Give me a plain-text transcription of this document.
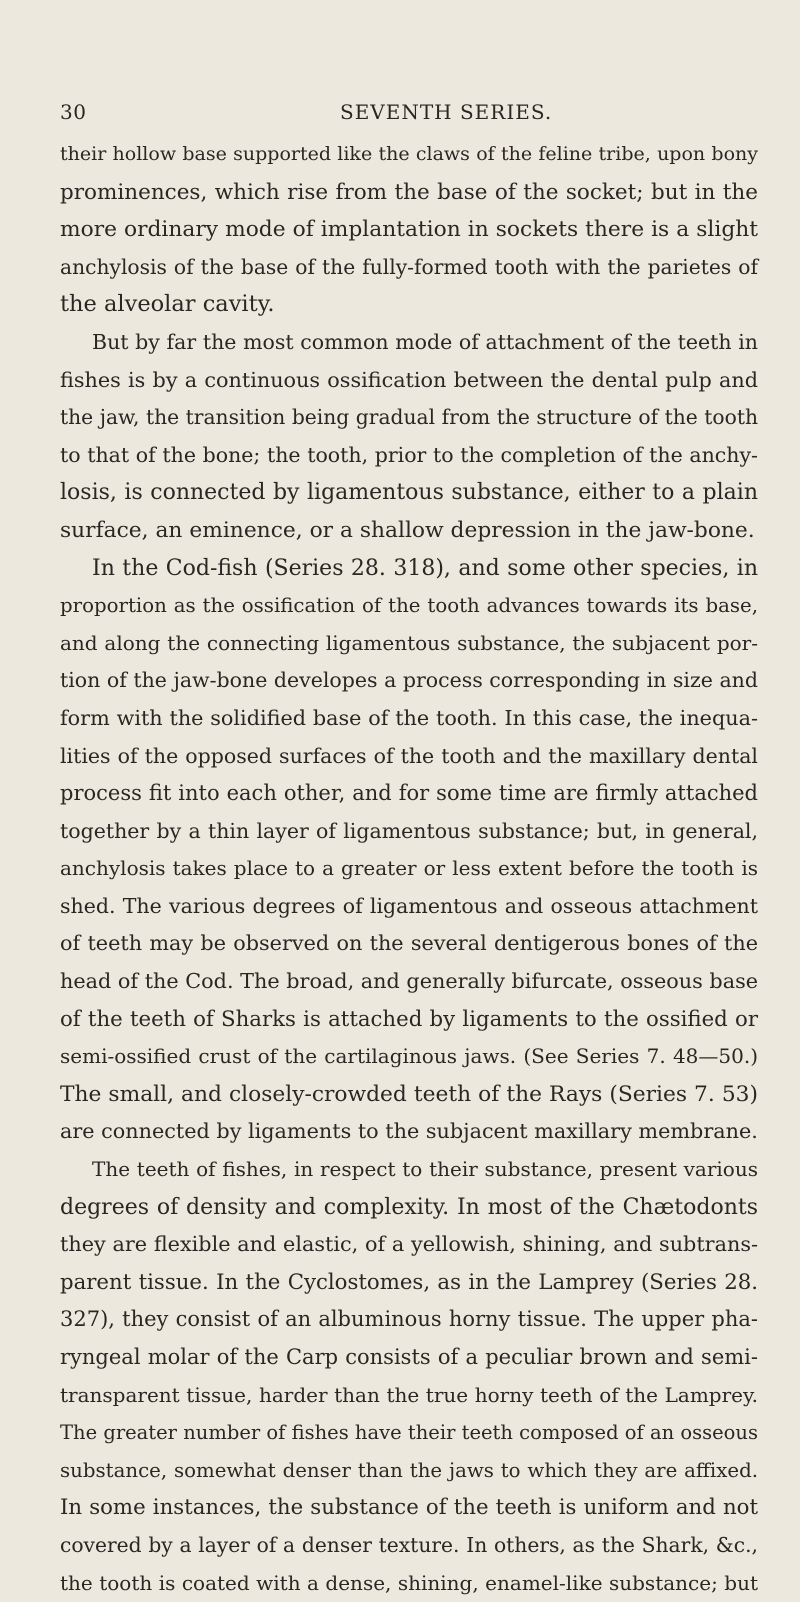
30	SEVENTH SERIES.
their hollow base supported like the claws of the feline tribe, upon bony
prominences, which rise from the base of the socket; but in the
more ordinary mode of implantation in sockets there is a slight
anchylosis of the base of the fully-formed tooth with the parietes of
the alveolar cavity.
But by far the most common mode of attachment of the teeth in
fishes is by a continuous ossification between the dental pulp and
the jaw, the transition being gradual from the structure of the tooth
to that of the bone; the tooth, prior to the completion of the anchy-
losis, is connected by ligamentous substance, either to a plain
surface, an eminence, or a shallow depression in the jaw-bone.
In the Cod-fish (Series 28. 318), and some other species, in
proportion as the ossification of the tooth advances towards its base,
and along the connecting ligamentous substance, the subjacent por-
tion of the jaw-bone developes a process corresponding in size and
form with the solidified base of the tooth. In this case, the inequa-
lities of the opposed surfaces of the tooth and the maxillary dental
process fit into each other, and for some time are firmly attached
together by a thin layer of ligamentous substance; but, in general,
anchylosis takes place to a greater or less extent before the tooth is
shed. The various degrees of ligamentous and osseous attachment
of teeth may be observed on the several dentigerous bones of the
head of the Cod. The broad, and generally bifurcate, osseous base
of the teeth of Sharks is attached by ligaments to the ossified or
semi-ossified crust of the cartilaginous jaws. (See Series 7. 48—50.)
The small, and closely-crowded teeth of the Rays (Series 7. 53)
are connected by ligaments to the subjacent maxillary membrane.
The teeth of fishes, in respect to their substance, present various
degrees of density and complexity. In most of the Chætodonts
they are flexible and elastic, of a yellowish, shining, and subtrans-
parent tissue. In the Cyclostomes, as in the Lamprey (Series 28.
327), they consist of an albuminous horny tissue. The upper pha-
ryngeal molar of the Carp consists of a peculiar brown and semi-
transparent tissue, harder than the true horny teeth of the Lamprey.
The greater number of fishes have their teeth composed of an osseous
substance, somewhat denser than the jaws to which they are affixed.
In some instances, the substance of the teeth is uniform and not
covered by a layer of a denser texture. In others, as the Shark, &c.,
the tooth is coated with a dense, shining, enamel-like substance; but
